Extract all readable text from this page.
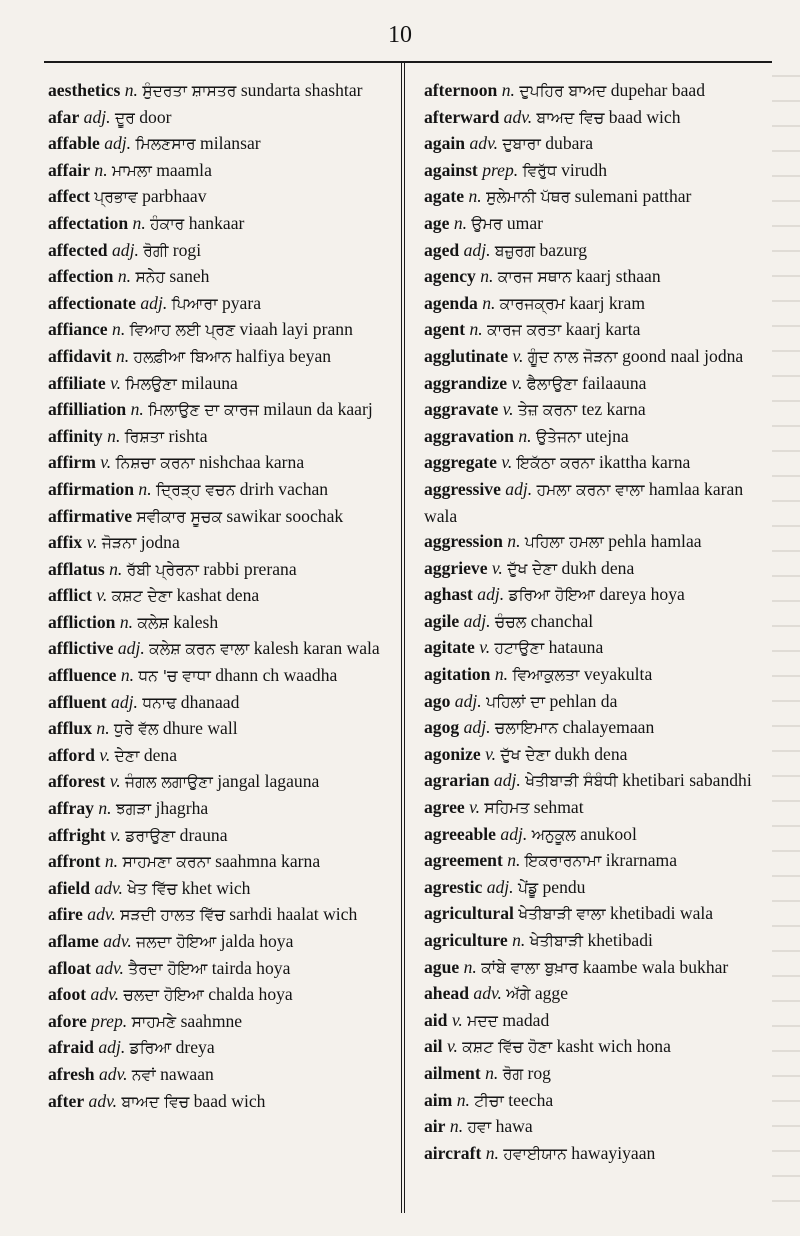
10
aesthetics n. ਸੁੰਦਰਤਾ ਸ਼ਾਸਤਰ sundarta shashtar
afar adj. ਦੂਰ door
affable adj. ਮਿਲਣਸਾਰ milansar
affair n. ਮਾਮਲਾ maamla
affect ਪ੍ਰਭਾਵ parbhaav
affectation n. ਹੰਕਾਰ hankaar
affected adj. ਰੋਗੀ rogi
affection n. ਸਨੇਹ saneh
affectionate adj. ਪਿਆਰਾ pyara
affiance n. ਵਿਆਹ ਲਈ ਪ੍ਰਣ viaah layi prann
affidavit n. ਹਲਫ਼ੀਆ ਬਿਆਨ halfiya beyan
affiliate v. ਮਿਲਉਣਾ milauna
affilliation n. ਮਿਲਾਉਣ ਦਾ ਕਾਰਜ milaun da kaarj
affinity n. ਰਿਸ਼ਤਾ rishta
affirm v. ਨਿਸ਼ਚਾ ਕਰਨਾ nishchaa karna
affirmation n. ਦ੍ਰਿੜ੍ਹ ਵਚਨ drirh vachan
affirmative ਸਵੀਕਾਰ ਸੂਚਕ sawikar soochak
affix v. ਜੋੜਨਾ jodna
afflatus n. ਰੱਬੀ ਪ੍ਰੇਰਨਾ rabbi prerana
afflict v. ਕਸ਼ਟ ਦੇਣਾ kashat dena
affliction n. ਕਲੇਸ਼ kalesh
afflictive adj. ਕਲੇਸ਼ ਕਰਨ ਵਾਲਾ kalesh karan wala
affluence n. ਧਨ 'ਚ ਵਾਧਾ dhann ch waadha
affluent adj. ਧਨਾਢ dhanaad
afflux n. ਧੁਰੇ ਵੱਲ dhure wall
afford v. ਦੇਣਾ dena
afforest v. ਜੰਗਲ ਲਗਾਉਣਾ jangal lagauna
affray n. ਝਗੜਾ jhagrha
affright v. ਡਰਾਉਣਾ drauna
affront n. ਸਾਹਮਣਾ ਕਰਨਾ saahmna karna
afield adv. ਖੇਤ ਵਿੱਚ khet wich
afire adv. ਸੜਦੀ ਹਾਲਤ ਵਿੱਚ sarhdi haalat wich
aflame adv. ਜਲਦਾ ਹੋਇਆ jalda hoya
afloat adv. ਤੈਰਦਾ ਹੋਇਆ tairda hoya
afoot adv. ਚਲਦਾ ਹੋਇਆ chalda hoya
afore prep. ਸਾਹਮਣੇ saahmne
afraid adj. ਡਰਿਆ dreya
afresh adv. ਨਵਾਂ nawaan
after adv. ਬਾਅਦ ਵਿਚ baad wich
afternoon n. ਦੁਪਹਿਰ ਬਾਅਦ dupehar baad
afterward adv. ਬਾਅਦ ਵਿਚ baad wich
again adv. ਦੁਬਾਰਾ dubara
against prep. ਵਿਰੁੱਧ virudh
agate n. ਸੁਲੇਮਾਨੀ ਪੱਥਰ sulemani patthar
age n. ਉਮਰ umar
aged adj. ਬਜ਼ੁਰਗ bazurg
agency n. ਕਾਰਜ ਸਥਾਨ kaarj sthaan
agenda n. ਕਾਰਜਕ੍ਰਮ kaarj kram
agent n. ਕਾਰਜ ਕਰਤਾ kaarj karta
agglutinate v. ਗੂੰਦ ਨਾਲ ਜੋੜਨਾ goond naal jodna
aggrandize v. ਫੈਲਾਉਣਾ failaauna
aggravate v. ਤੇਜ਼ ਕਰਨਾ tez karna
aggravation n. ਉਤੇਜਨਾ utejna
aggregate v. ਇਕੱਠਾ ਕਰਨਾ ikattha karna
aggressive adj. ਹਮਲਾ ਕਰਨਾ ਵਾਲਾ hamlaa karan wala
aggression n. ਪਹਿਲਾ ਹਮਲਾ pehla hamlaa
aggrieve v. ਦੁੱਖ ਦੇਣਾ dukh dena
aghast adj. ਡਰਿਆ ਹੋਇਆ dareya hoya
agile adj. ਚੰਚਲ chanchal
agitate v. ਹਟਾਉਣਾ hatauna
agitation n. ਵਿਆਕੁਲਤਾ veyakulta
ago adj. ਪਹਿਲਾਂ ਦਾ pehlan da
agog adj. ਚਲਾਇਮਾਨ chalayemaan
agonize v. ਦੁੱਖ ਦੇਣਾ dukh dena
agrarian adj. ਖੇਤੀਬਾੜੀ ਸੰਬੰਧੀ khetibari sabandhi
agree v. ਸਹਿਮਤ sehmat
agreeable adj. ਅਨੁਕੂਲ anukool
agreement n. ਇਕਰਾਰਨਾਮਾ ikrarnama
agrestic adj. ਪੇਂਡੂ pendu
agricultural ਖੇਤੀਬਾੜੀ ਵਾਲਾ khetibadi wala
agriculture n. ਖੇਤੀਬਾੜੀ khetibadi
ague n. ਕਾਂਬੇ ਵਾਲਾ ਬੁਖ਼ਾਰ kaambe wala bukhar
ahead adv. ਅੱਗੇ agge
aid v. ਮਦਦ madad
ail v. ਕਸ਼ਟ ਵਿੱਚ ਹੋਣਾ kasht wich hona
ailment n. ਰੋਗ rog
aim n. ਟੀਚਾ teecha
air n. ਹਵਾ hawa
aircraft n. ਹਵਾਈਯਾਨ hawayiyaan
